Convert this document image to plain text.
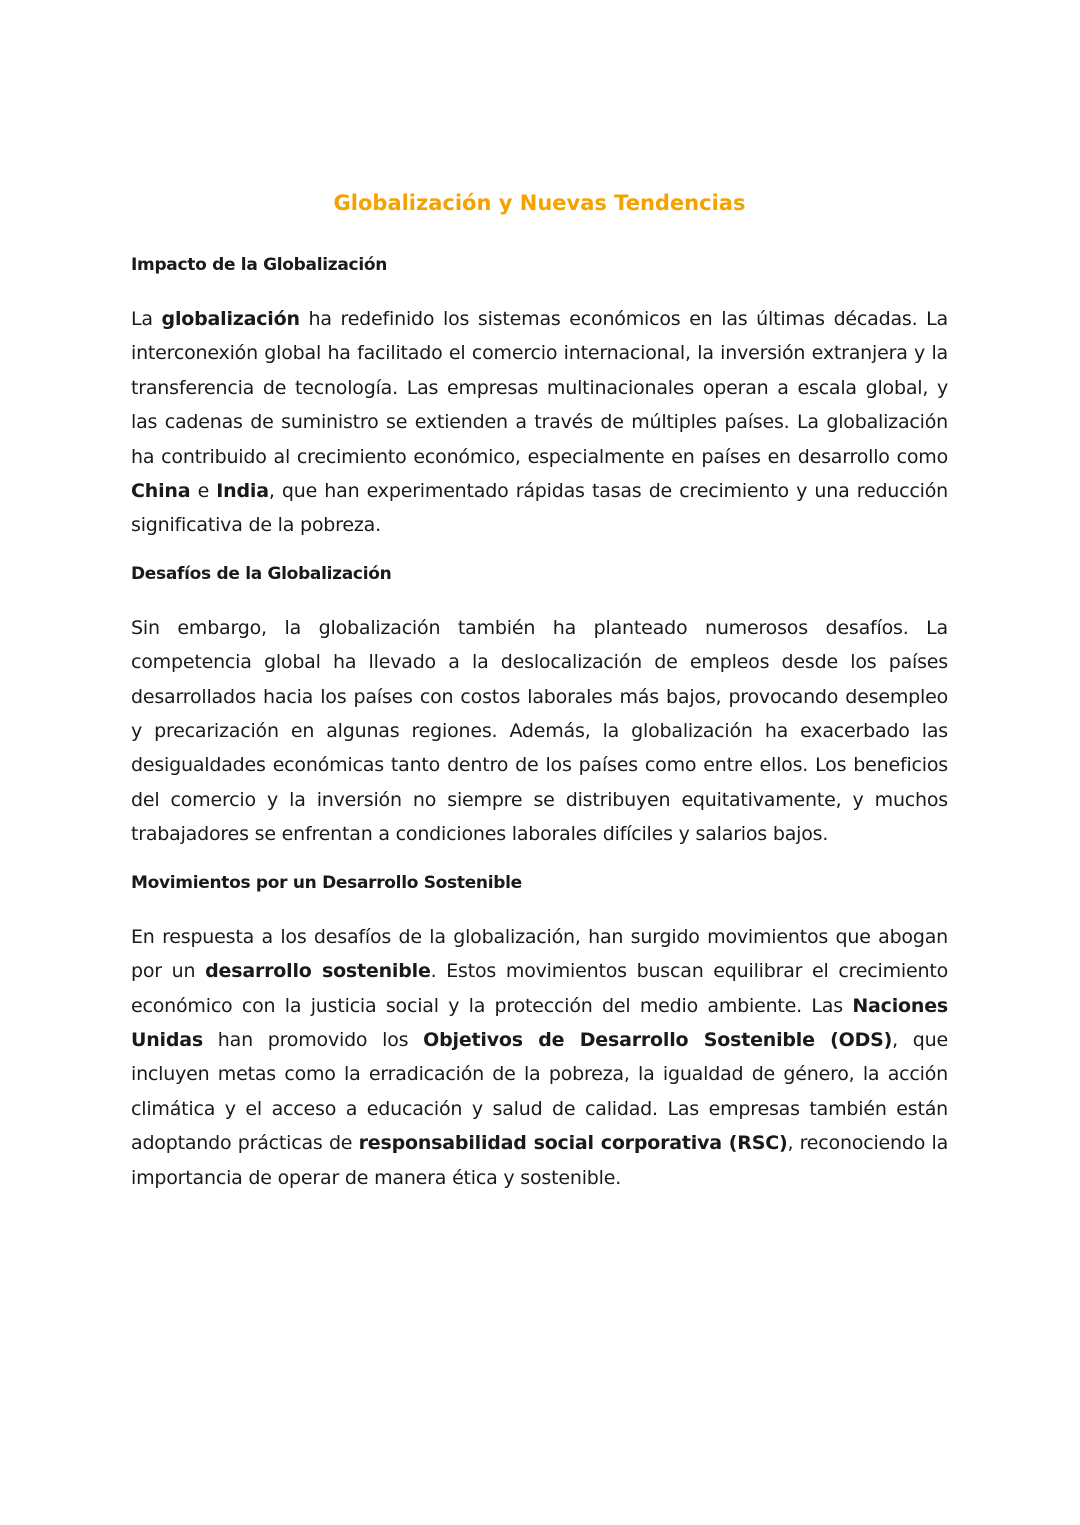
Globalización y Nuevas Tendencias
Impacto de la Globalización

La globalización ha redefinido los sistemas económicos en las últimas décadas. La interconexión global ha facilitado el comercio internacional, la inversión extranjera y la transferencia de tecnología. Las empresas multinacionales operan a escala global, y las cadenas de suministro se extienden a través de múltiples países. La globalización ha contribuido al crecimiento económico, especialmente en países en desarrollo como China e India, que han experimentado rápidas tasas de crecimiento y una reducción significativa de la pobreza.

Desafíos de la Globalización

Sin embargo, la globalización también ha planteado numerosos desafíos. La competencia global ha llevado a la deslocalización de empleos desde los países desarrollados hacia los países con costos laborales más bajos, provocando desempleo y precarización en algunas regiones. Además, la globalización ha exacerbado las desigualdades económicas tanto dentro de los países como entre ellos. Los beneficios del comercio y la inversión no siempre se distribuyen equitativamente, y muchos trabajadores se enfrentan a condiciones laborales difíciles y salarios bajos.

Movimientos por un Desarrollo Sostenible

En respuesta a los desafíos de la globalización, han surgido movimientos que abogan por un desarrollo sostenible. Estos movimientos buscan equilibrar el crecimiento económico con la justicia social y la protección del medio ambiente. Las Naciones Unidas han promovido los Objetivos de Desarrollo Sostenible (ODS), que incluyen metas como la erradicación de la pobreza, la igualdad de género, la acción climática y el acceso a educación y salud de calidad. Las empresas también están adoptando prácticas de responsabilidad social corporativa (RSC), reconociendo la importancia de operar de manera ética y sostenible.
